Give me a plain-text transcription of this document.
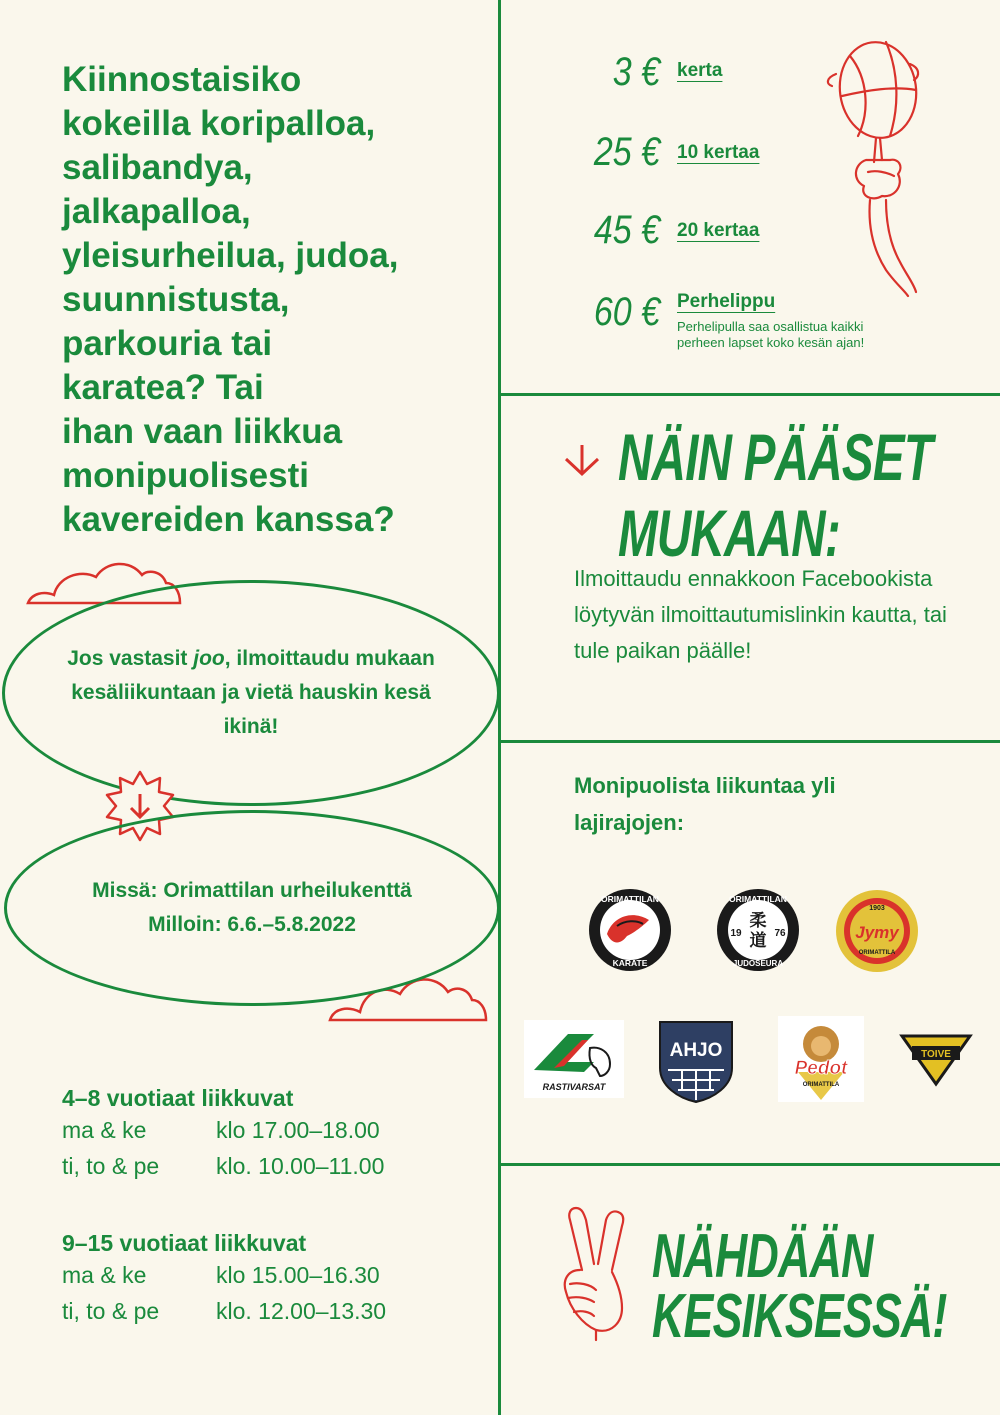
Kiinnostaisiko
kokeilla koripalloa,
salibandya,
jalkapalloa,
yleisurheilua, judoa,
suunnistusta,
parkouria tai
karatea? Tai
ihan vaan liikkua
monipuolisesti
kavereiden kanssa?
Jos vastasit joo, ilmoittaudu mukaan kesäliikuntaan ja vietä hauskin kesä ikinä!
Missä: Orimattilan urheilukenttä
Milloin: 6.6.–5.8.2022
4–8 vuotiaat liikkuvat
ma & ke	klo 17.00–18.00
ti, to & pe	klo. 10.00–11.00
9–15 vuotiaat liikkuvat
ma & ke	klo 15.00–16.30
ti, to & pe	klo. 12.00–13.30
3 € kerta
25 € 10 kertaa
45 € 20 kertaa
60 € Perhelippu
Perhelipulla saa osallistua kaikki perheen lapset koko kesän ajan!
NÄIN PÄÄSET
MUKAAN:
Ilmoittaudu ennakkoon Facebookista löytyvän ilmoittautumislinkin kautta, tai tule paikan päälle!
Monipuolista liikuntaa yli lajirajojen:
ORIMATTILAN
KARATE
柔
道
19	76
ORIMATTILAN
JUDOSEURA
1903
Jymy
ORIMATTILA
RASTIVARSAT
AHJO
Pedot
ORIMATTILA
TOIVE
NÄHDÄÄN
KESIKSESSÄ!
